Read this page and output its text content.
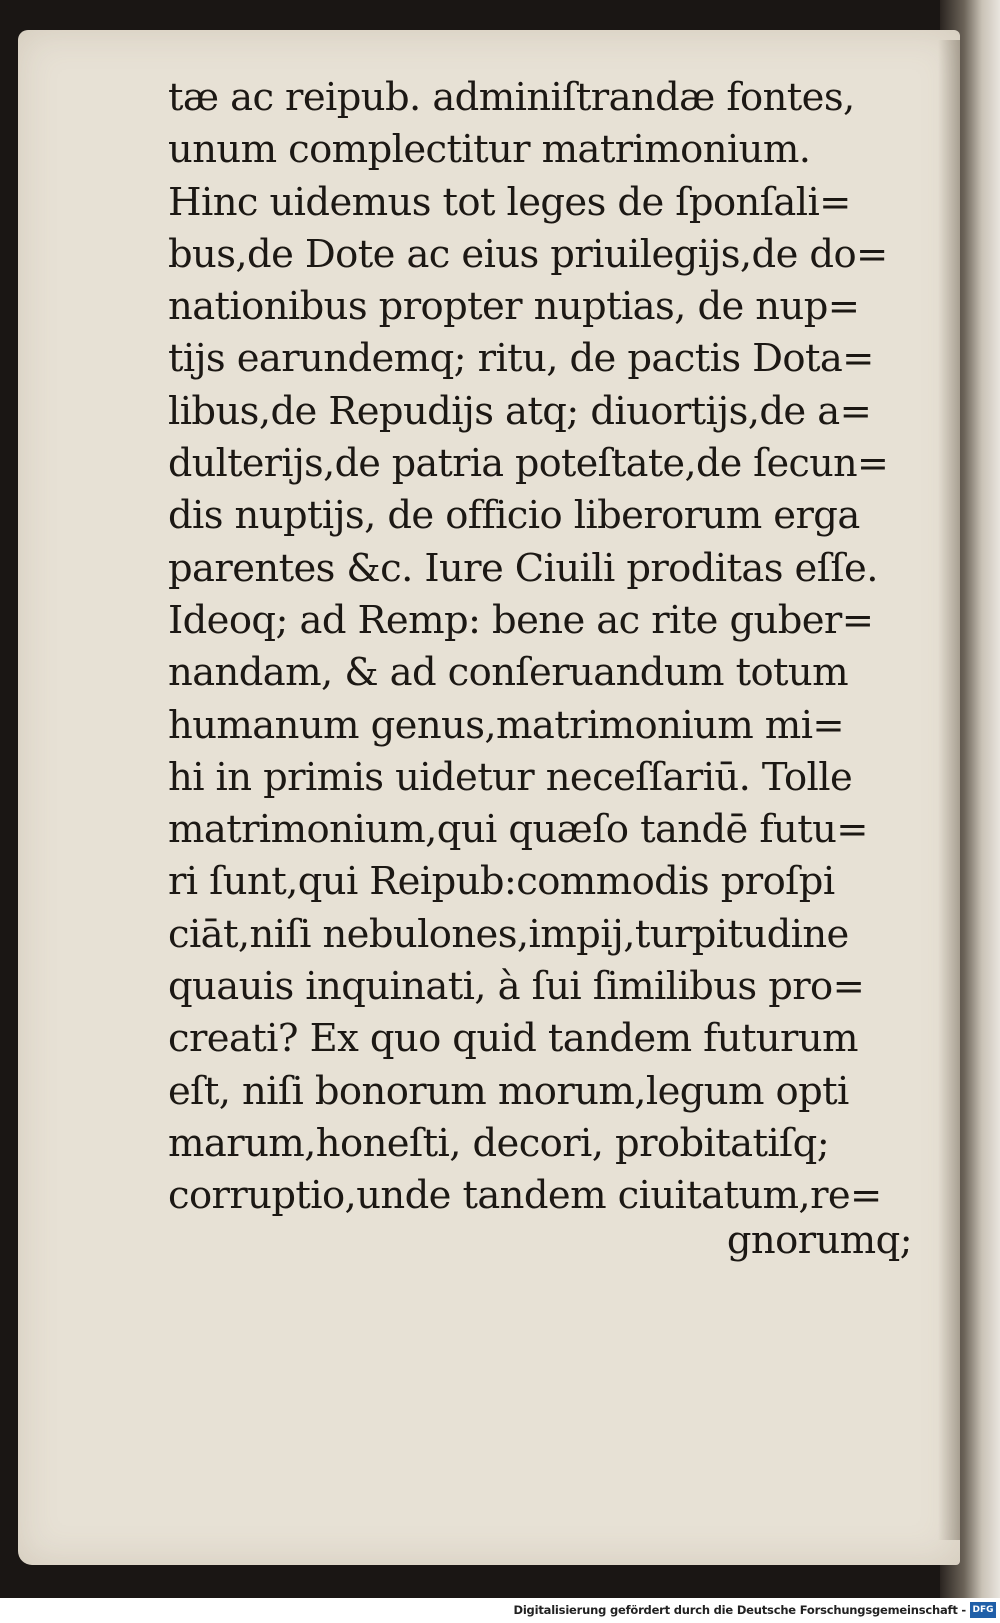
tæ ac reipub. adminiſtrandæ fontes,
unum complectitur matrimonium.
Hinc uidemus tot leges de ſponſali=
bus,de Dote ac eius priuilegijs,de do=
nationibus propter nuptias, de nup=
tijs earundemq; ritu, de pactis Dota=
libus,de Repudijs atq; diuortijs,de a=
dulterijs,de patria poteſtate,de ſecun=
dis nuptijs, de officio liberorum erga
parentes &c. Iure Ciuili proditas eſſe.
Ideoq; ad Remp: bene ac rite guber=
nandam, & ad conſeruandum totum
humanum genus,matrimonium mi=
hi in primis uidetur neceſſariū. Tolle
matrimonium,qui quæſo tandē futu=
ri ſunt,qui Reipub:commodis proſpi
ciāt,niſi nebulones,impij,turpitudine
quauis inquinati, à ſui ſimilibus pro=
creati? Ex quo quid tandem futurum
eſt, niſi bonorum morum,legum opti
marum,honeſti, decori, probitatiſq;
corruptio,unde tandem ciuitatum,re=
gnorumq;
Digitalisierung gefördert durch die Deutsche Forschungsgemeinschaft - DFG
